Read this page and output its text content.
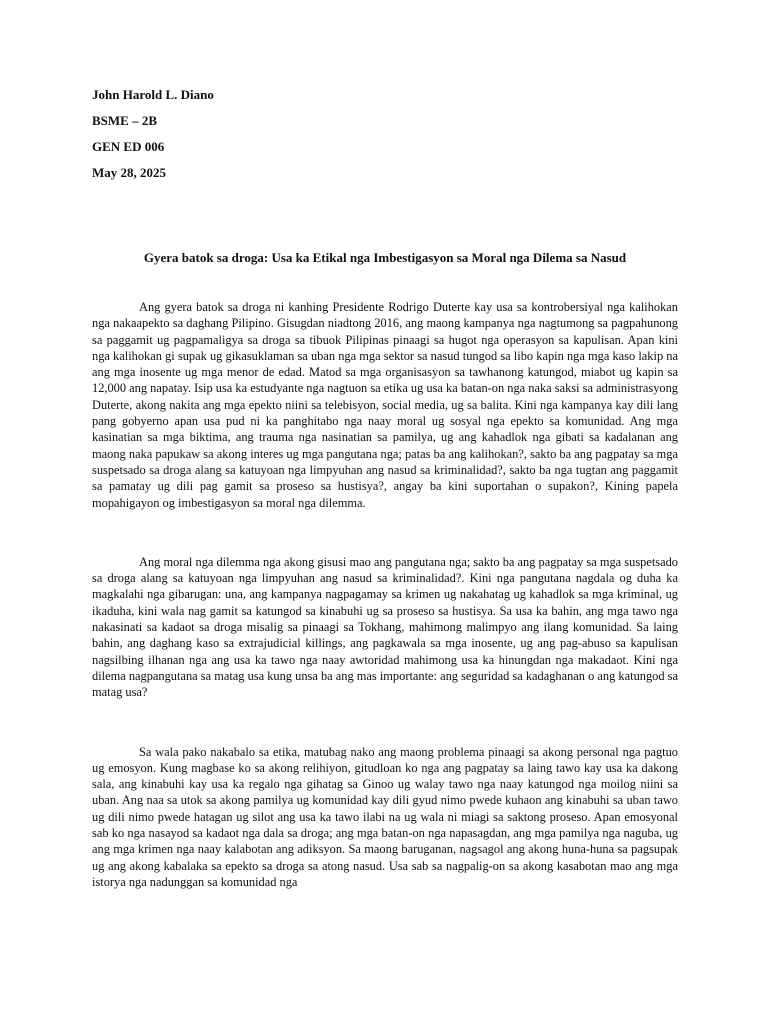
John Harold L. Diano
BSME – 2B
GEN ED 006
May 28, 2025
Gyera batok sa droga: Usa ka Etikal nga Imbestigasyon sa Moral nga Dilema sa Nasud

Ang gyera batok sa droga ni kanhing Presidente Rodrigo Duterte kay usa sa kontrobersiyal nga kalihokan nga nakaapekto sa daghang Pilipino. Gisugdan niadtong 2016, ang maong kampanya nga nagtumong sa pagpahunong sa paggamit ug pagpamaligya sa droga sa tibuok Pilipinas pinaagi sa hugot nga operasyon sa kapulisan. Apan kini nga kalihokan gi supak ug gikasuklaman sa uban nga mga sektor sa nasud tungod sa libo kapin nga mga kaso lakip na ang mga inosente ug mga menor de edad. Matod sa mga organisasyon sa tawhanong katungod, miabot ug kapin sa 12,000 ang napatay. Isip usa ka estudyante nga nagtuon sa etika ug usa ka batan-on nga naka saksi sa administrasyong Duterte, akong nakita ang mga epekto niini sa telebisyon, social media, ug sa balita. Kini nga kampanya kay dili lang pang gobyerno apan usa pud ni ka panghitabo nga naay moral ug sosyal nga epekto sa komunidad. Ang mga kasinatian sa mga biktima, ang trauma nga nasinatian sa pamilya, ug ang kahadlok nga gibati sa kadalanan ang maong naka papukaw sa akong interes ug mga pangutana nga; patas ba ang kalihokan?, sakto ba ang pagpatay sa mga suspetsado sa droga alang sa katuyoan nga limpyuhan ang nasud sa kriminalidad?, sakto ba nga tugtan ang paggamit sa pamatay ug dili pag gamit sa proseso sa hustisya?, angay ba kini suportahan o supakon?, Kining papela mopahigayon og imbestigasyon sa moral nga dilemma.

Ang moral nga dilemma nga akong gisusi mao ang pangutana nga; sakto ba ang pagpatay sa mga suspetsado sa droga alang sa katuyoan nga limpyuhan ang nasud sa kriminalidad?. Kini nga pangutana nagdala og duha ka magkalahi nga gibarugan: una, ang kampanya nagpagamay sa krimen ug nakahatag ug kahadlok sa mga kriminal, ug ikaduha, kini wala nag gamit sa katungod sa kinabuhi ug sa proseso sa hustisya. Sa usa ka bahin, ang mga tawo nga nakasinati sa kadaot sa droga misalig sa pinaagi sa Tokhang, mahimong malimpyo ang ilang komunidad. Sa laing bahin, ang daghang kaso sa extrajudicial killings, ang pagkawala sa mga inosente, ug ang pag-abuso sa kapulisan nagsilbing ilhanan nga ang usa ka tawo nga naay awtoridad mahimong usa ka hinungdan nga makadaot. Kini nga dilema nagpangutana sa matag usa kung unsa ba ang mas importante: ang seguridad sa kadaghanan o ang katungod sa matag usa?

Sa wala pako nakabalo sa etika, matubag nako ang maong problema pinaagi sa akong personal nga pagtuo ug emosyon. Kung magbase ko sa akong relihiyon, gitudloan ko nga ang pagpatay sa laing tawo kay usa ka dakong sala, ang kinabuhi kay usa ka regalo nga gihatag sa Ginoo ug walay tawo nga naay katungod nga moilog niini sa uban. Ang naa sa utok sa akong pamilya ug komunidad kay dili gyud nimo pwede kuhaon ang kinabuhi sa uban tawo ug dili nimo pwede hatagan ug silot ang usa ka tawo ilabi na ug wala ni miagi sa saktong proseso. Apan emosyonal sab ko nga nasayod sa kadaot nga dala sa droga; ang mga batan-on nga napasagdan, ang mga pamilya nga naguba, ug ang mga krimen nga naay kalabotan ang adiksyon. Sa maong baruganan, nagsagol ang akong huna-huna sa pagsupak ug ang akong kabalaka sa epekto sa droga sa atong nasud. Usa sab sa nagpalig-on sa akong kasabotan mao ang mga istorya nga nadunggan sa komunidad nga
